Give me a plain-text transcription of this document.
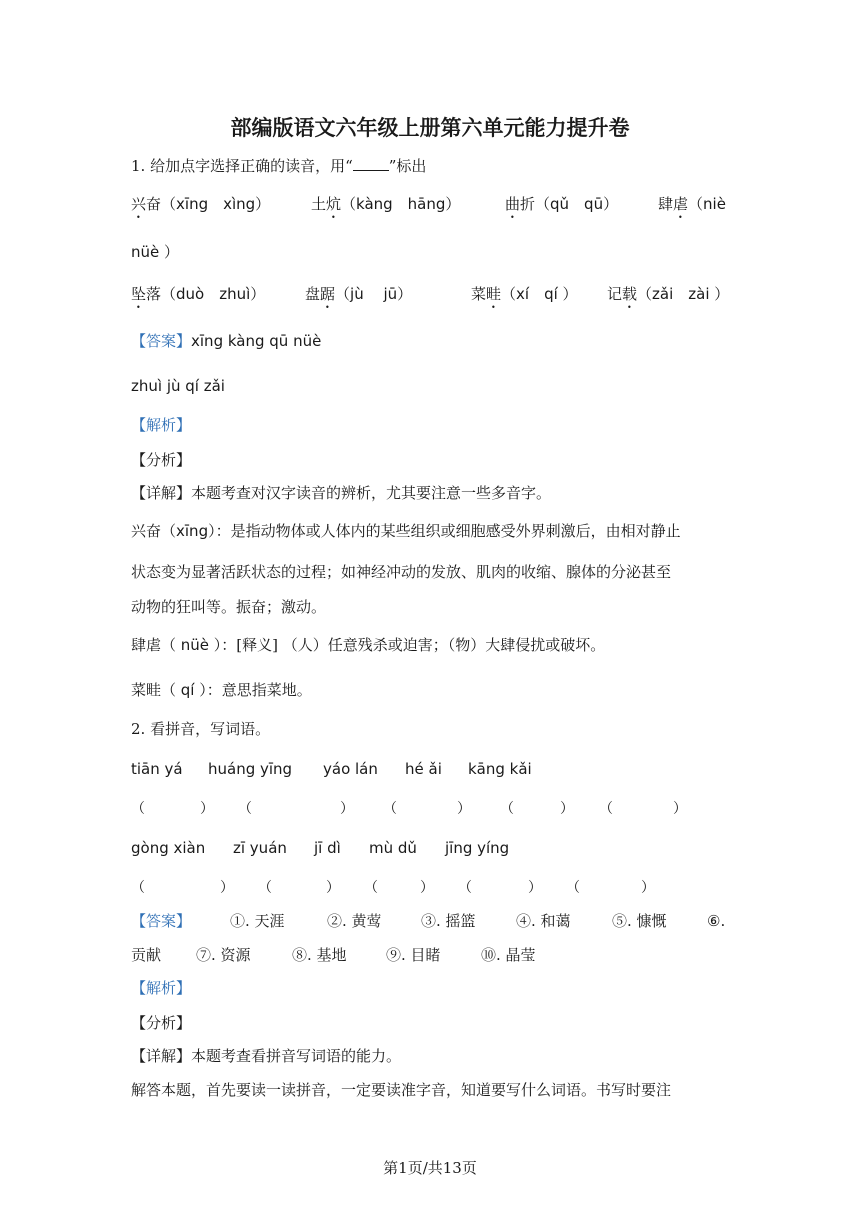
部编版语文六年级上册第六单元能力提升卷
1. 给加点字选择正确的读音，用“ ”标出
兴奋（xīng　xìng）	土炕（kàng　hāng）	曲折（qǔ　qū）	肆虐（niè
nüè ）
坠落（duò　zhuì）	盘踞（jù　 jū）	菜畦（xí　qí ） 记载（zǎi　zài ）
【答案】xīng kàng qū nüè
zhuì jù qí zǎi
【解析】
【分析】
【详解】本题考查对汉字读音的辨析，尤其要注意一些多音字。
兴奋（xīng）：是指动物体或人体内的某些组织或细胞感受外界刺激后，由相对静止
状态变为显著活跃状态的过程；如神经冲动的发放、肌肉的收缩、腺体的分泌甚至
动物的狂叫等。振奋；激动。
肆虐（ nüè ）：[释义] （人）任意残杀或迫害；（物）大肆侵扰或破坏。
菜畦（ qí ）：意思指菜地。
2. 看拼音，写词语。
tiān yá huáng yīng yáo lán hé ǎi kāng kǎi
（	） （	） （	） （	） （	）
gòng xiàn zī yuán jī dì mù dǔ jīng yíng
（	） （	） （	） （	） （	）
【答案】	①. 天涯	②. 黄莺	③. 摇篮	④. 和蔼	⑤. 慷慨	⑥.
贡献 ⑦. 资源	⑧. 基地	⑨. 目睹	⑩. 晶莹
【解析】
【分析】
【详解】本题考查看拼音写词语的能力。
解答本题，首先要读一读拼音，一定要读准字音，知道要写什么词语。书写时要注
第1页/共13页
